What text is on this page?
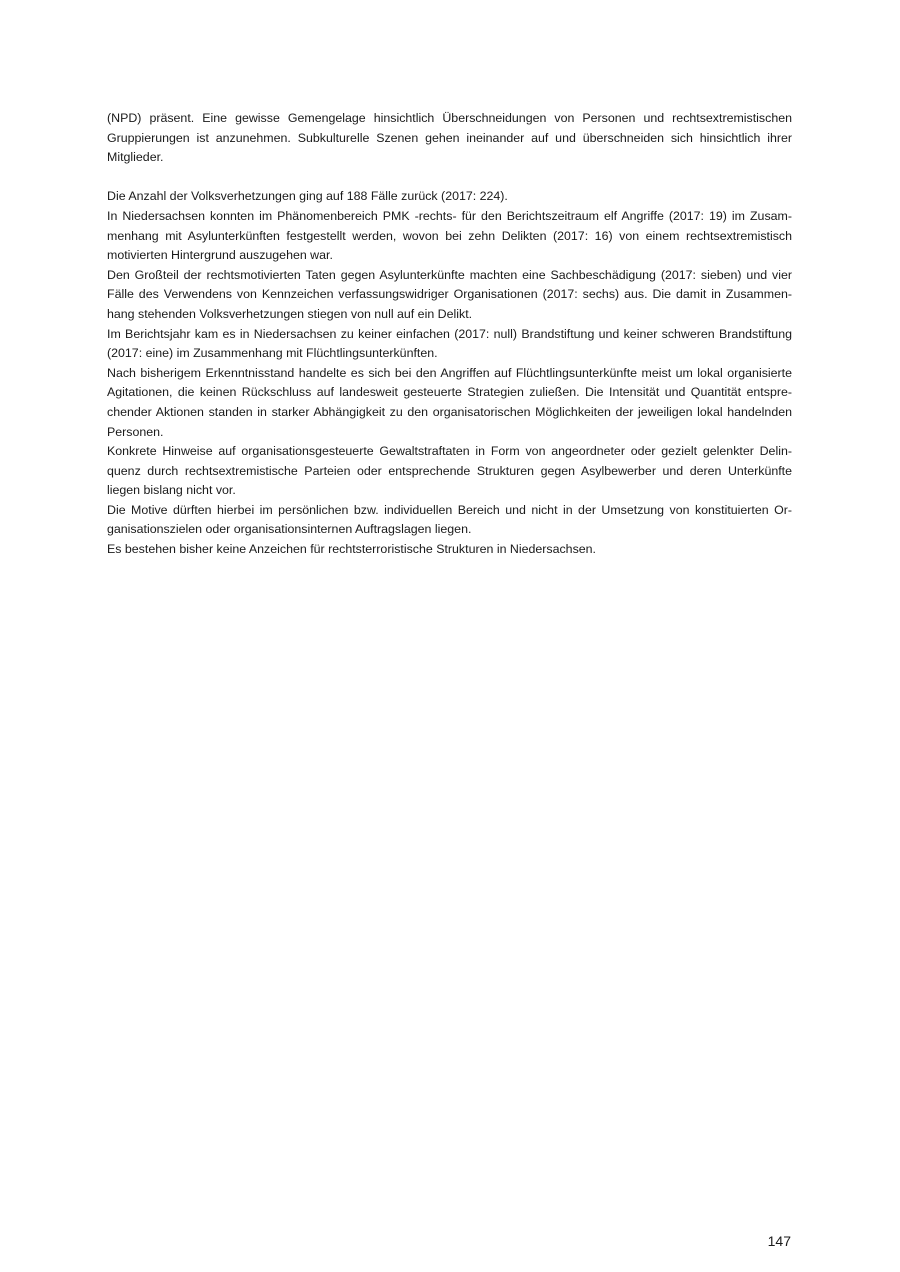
(NPD) präsent. Eine gewisse Gemengelage hinsichtlich Überschneidungen von Personen und rechtsextremistischen Gruppierungen ist anzunehmen. Subkulturelle Szenen gehen ineinander auf und überschneiden sich hinsichtlich ihrer Mitglieder.

Die Anzahl der Volksverhetzungen ging auf 188 Fälle zurück (2017: 224).

In Niedersachsen konnten im Phänomenbereich PMK -rechts- für den Berichtszeitraum elf Angriffe (2017: 19) im Zusammenhang mit Asylunterkünften festgestellt werden, wovon bei zehn Delikten (2017: 16) von einem rechtsextremistisch motivierten Hintergrund auszugehen war.

Den Großteil der rechtsmotivierten Taten gegen Asylunterkünfte machten eine Sachbeschädigung (2017: sieben) und vier Fälle des Verwendens von Kennzeichen verfassungswidriger Organisationen (2017: sechs) aus. Die damit in Zusammenhang stehenden Volksverhetzungen stiegen von null auf ein Delikt.

Im Berichtsjahr kam es in Niedersachsen zu keiner einfachen (2017: null) Brandstiftung und keiner schweren Brandstiftung (2017: eine) im Zusammenhang mit Flüchtlingsunterkünften.

Nach bisherigem Erkenntnisstand handelte es sich bei den Angriffen auf Flüchtlingsunterkünfte meist um lokal organisierte Agitationen, die keinen Rückschluss auf landesweit gesteuerte Strategien zuließen. Die Intensität und Quantität entsprechender Aktionen standen in starker Abhängigkeit zu den organisatorischen Möglichkeiten der jeweiligen lokal handelnden Personen.

Konkrete Hinweise auf organisationsgesteuerte Gewaltstraftaten in Form von angeordneter oder gezielt gelenkter Delinquenz durch rechtsextremistische Parteien oder entsprechende Strukturen gegen Asylbewerber und deren Unterkünfte liegen bislang nicht vor.

Die Motive dürften hierbei im persönlichen bzw. individuellen Bereich und nicht in der Umsetzung von konstituierten Organisationszielen oder organisationsinternen Auftragslagen liegen.

Es bestehen bisher keine Anzeichen für rechtsterroristische Strukturen in Niedersachsen.

147
